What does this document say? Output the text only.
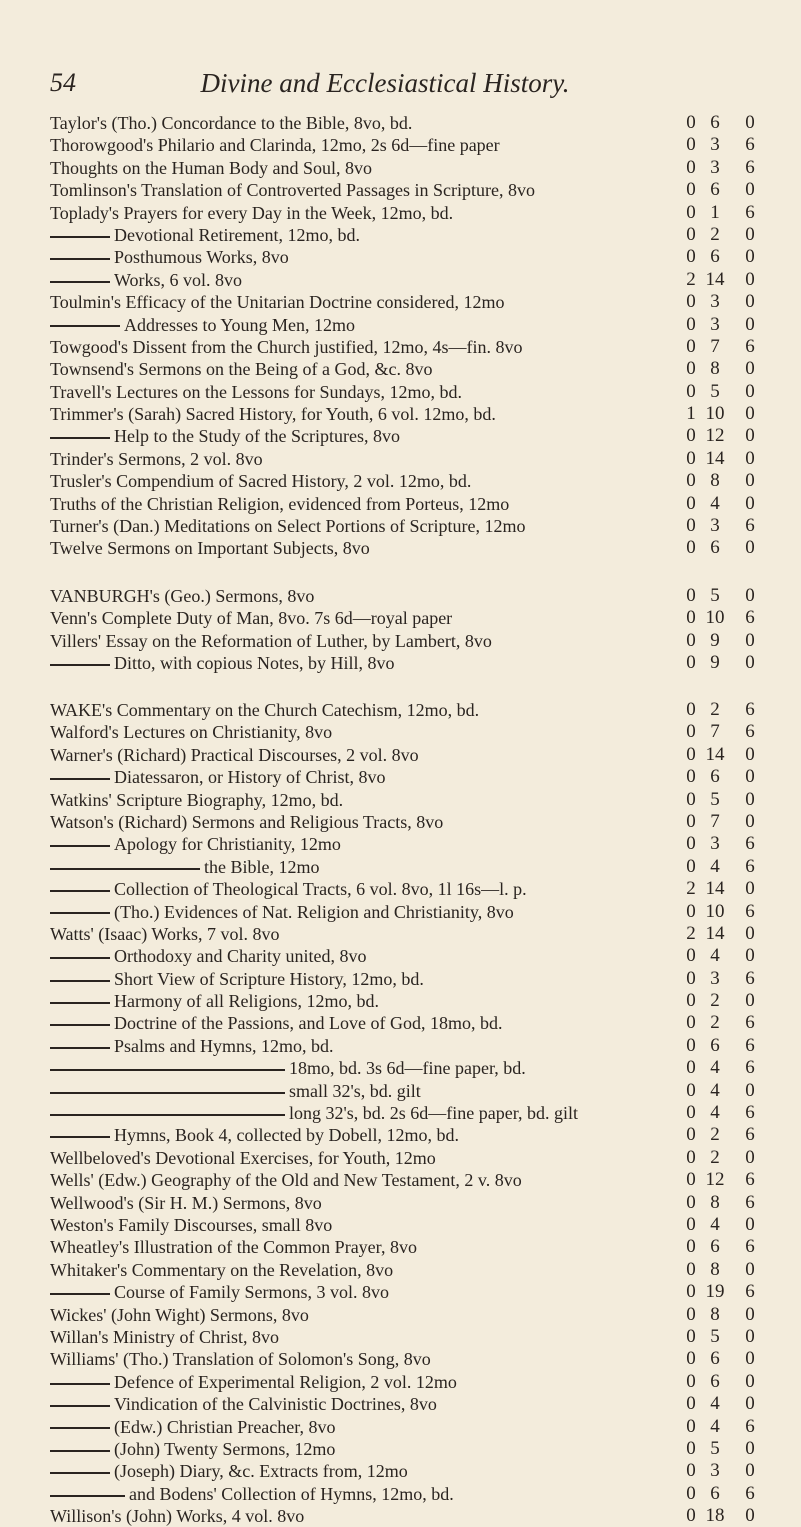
54	Divine and Ecclesiastical History.
Taylor's (Tho.) Concordance to the Bible, 8vo, bd.	0 6	0
Thorowgood's Philario and Clarinda, 12mo, 2s 6d—fine paper	0 3	6
Thoughts on the Human Body and Soul, 8vo	0 3	6
Tomlinson's Translation of Controverted Passages in Scripture, 8vo	0 6	0
Toplady's Prayers for every Day in the Week, 12mo, bd.	0 1	6
Devotional Retirement, 12mo, bd.	0 2	0
Posthumous Works, 8vo	0 6	0
Works, 6 vol. 8vo	2 14	0
Toulmin's Efficacy of the Unitarian Doctrine considered, 12mo	0 3	0
Addresses to Young Men, 12mo	0 3	0
Towgood's Dissent from the Church justified, 12mo, 4s—fin. 8vo	0 7	6
Townsend's Sermons on the Being of a God, &c. 8vo	0 8	0
Travell's Lectures on the Lessons for Sundays, 12mo, bd.	0 5	0
Trimmer's (Sarah) Sacred History, for Youth, 6 vol. 12mo, bd.	1 10	0
Help to the Study of the Scriptures, 8vo	0 12	0
Trinder's Sermons, 2 vol. 8vo	0 14	0
Trusler's Compendium of Sacred History, 2 vol. 12mo, bd.	0 8	0
Truths of the Christian Religion, evidenced from Porteus, 12mo	0 4	0
Turner's (Dan.) Meditations on Select Portions of Scripture, 12mo	0 3	6
Twelve Sermons on Important Subjects, 8vo	0 6	0
VANBURGH's (Geo.) Sermons, 8vo	0 5	0
Venn's Complete Duty of Man, 8vo. 7s 6d—royal paper	0 10	6
Villers' Essay on the Reformation of Luther, by Lambert, 8vo	0 9	0
Ditto, with copious Notes, by Hill, 8vo	0 9	0
WAKE's Commentary on the Church Catechism, 12mo, bd.	0 2	6
Walford's Lectures on Christianity, 8vo	0 7	6
Warner's (Richard) Practical Discourses, 2 vol. 8vo	0 14	0
Diatessaron, or History of Christ, 8vo	0 6	0
Watkins' Scripture Biography, 12mo, bd.	0 5	0
Watson's (Richard) Sermons and Religious Tracts, 8vo	0 7	0
Apology for Christianity, 12mo	0 3	6
the Bible, 12mo	0 4	6
Collection of Theological Tracts, 6 vol. 8vo, 1l 16s—l. p.	2 14	0
(Tho.) Evidences of Nat. Religion and Christianity, 8vo	0 10	6
Watts' (Isaac) Works, 7 vol. 8vo	2 14	0
Orthodoxy and Charity united, 8vo	0 4	0
Short View of Scripture History, 12mo, bd.	0 3	6
Harmony of all Religions, 12mo, bd.	0 2	0
Doctrine of the Passions, and Love of God, 18mo, bd.	0 2	6
Psalms and Hymns, 12mo, bd.	0 6	6
18mo, bd. 3s 6d—fine paper, bd.	0 4	6
small 32's, bd. gilt	0 4	0
long 32's, bd. 2s 6d—fine paper, bd. gilt	0 4	6
Hymns, Book 4, collected by Dobell, 12mo, bd.	0 2	6
Wellbeloved's Devotional Exercises, for Youth, 12mo	0 2	0
Wells' (Edw.) Geography of the Old and New Testament, 2 v. 8vo	0 12	6
Wellwood's (Sir H. M.) Sermons, 8vo	0 8	6
Weston's Family Discourses, small 8vo	0 4	0
Wheatley's Illustration of the Common Prayer, 8vo	0 6	6
Whitaker's Commentary on the Revelation, 8vo	0 8	0
Course of Family Sermons, 3 vol. 8vo	0 19	6
Wickes' (John Wight) Sermons, 8vo	0 8	0
Willan's Ministry of Christ, 8vo	0 5	0
Williams' (Tho.) Translation of Solomon's Song, 8vo	0 6	0
Defence of Experimental Religion, 2 vol. 12mo	0 6	0
Vindication of the Calvinistic Doctrines, 8vo	0 4	0
(Edw.) Christian Preacher, 8vo	0 4	6
(John) Twenty Sermons, 12mo	0 5	0
(Joseph) Diary, &c. Extracts from, 12mo	0 3	0
and Bodens' Collection of Hymns, 12mo, bd.	0 6	6
Willison's (John) Works, 4 vol. 8vo	0 18	0
